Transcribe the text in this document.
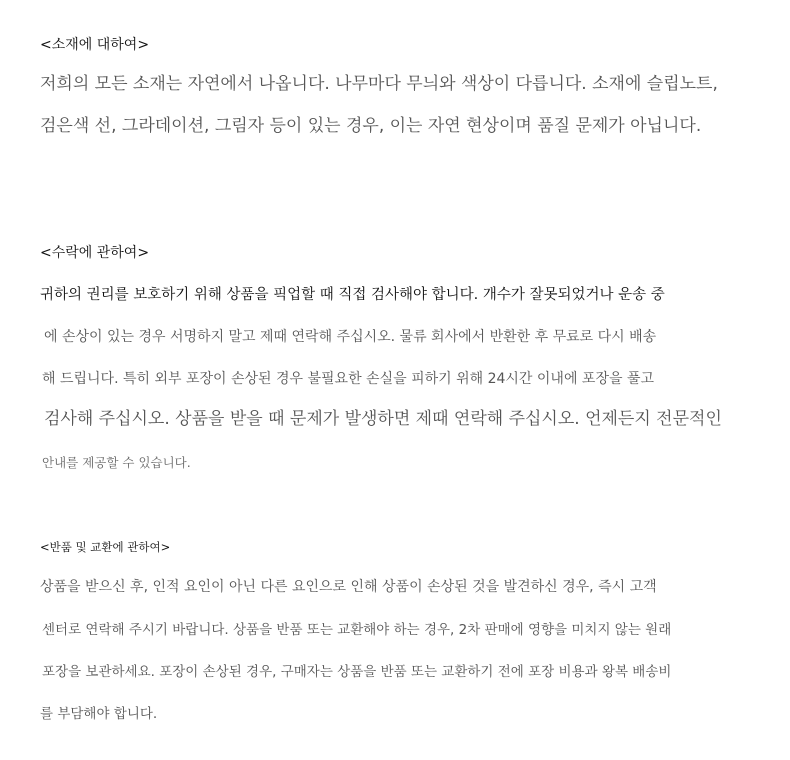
<소재에 대하여>

저희의 모든 소재는 자연에서 나옵니다. 나무마다 무늬와 색상이 다릅니다. 소재에 슬립노트,

검은색 선, 그라데이션, 그림자 등이 있는 경우, 이는 자연 현상이며 품질 문제가 아닙니다.

<수락에 관하여>

귀하의 권리를 보호하기 위해 상품을 픽업할 때 직접 검사해야 합니다. 개수가 잘못되었거나 운송 중

에 손상이 있는 경우 서명하지 말고 제때 연락해 주십시오. 물류 회사에서 반환한 후 무료로 다시 배송

해 드립니다. 특히 외부 포장이 손상된 경우 불필요한 손실을 피하기 위해 24시간 이내에 포장을 풀고

검사해 주십시오. 상품을 받을 때 문제가 발생하면 제때 연락해 주십시오. 언제든지 전문적인

안내를 제공할 수 있습니다.

<반품 및 교환에 관하여>

상품을 받으신 후, 인적 요인이 아닌 다른 요인으로 인해 상품이 손상된 것을 발견하신 경우, 즉시 고객

센터로 연락해 주시기 바랍니다. 상품을 반품 또는 교환해야 하는 경우, 2차 판매에 영향을 미치지 않는 원래

포장을 보관하세요. 포장이 손상된 경우, 구매자는 상품을 반품 또는 교환하기 전에 포장 비용과 왕복 배송비

를 부담해야 합니다.
